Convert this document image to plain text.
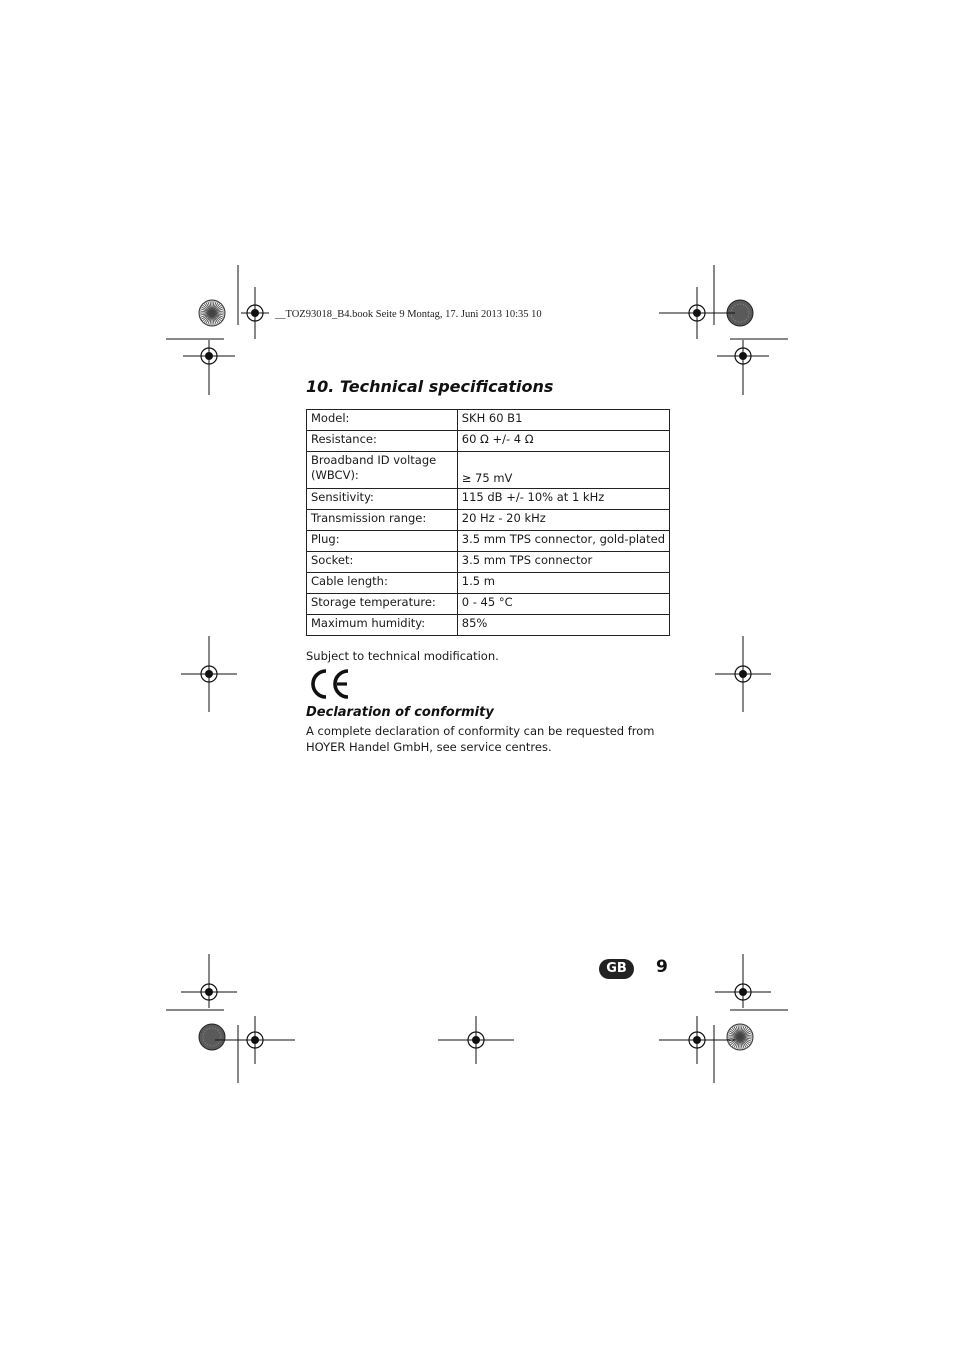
__TOZ93018_B4.book Seite 9 Montag, 17. Juni 2013 10:35 10
10. Technical specifications
Model:	SKH 60 B1
Resistance:	60 Ω +/- 4 Ω
Broadband ID voltage (WBCV):	≥ 75 mV
Sensitivity:	115 dB +/- 10% at 1 kHz
Transmission range:	20 Hz - 20 kHz
Plug:	3.5 mm TPS connector, gold-plated
Socket:	3.5 mm TPS connector
Cable length:	1.5 m
Storage temperature:	0 - 45 °C
Maximum humidity:	85%
Subject to technical modification.
Declaration of conformity

A complete declaration of conformity can be requested from HOYER Handel GmbH, see service centres.

GB	9
